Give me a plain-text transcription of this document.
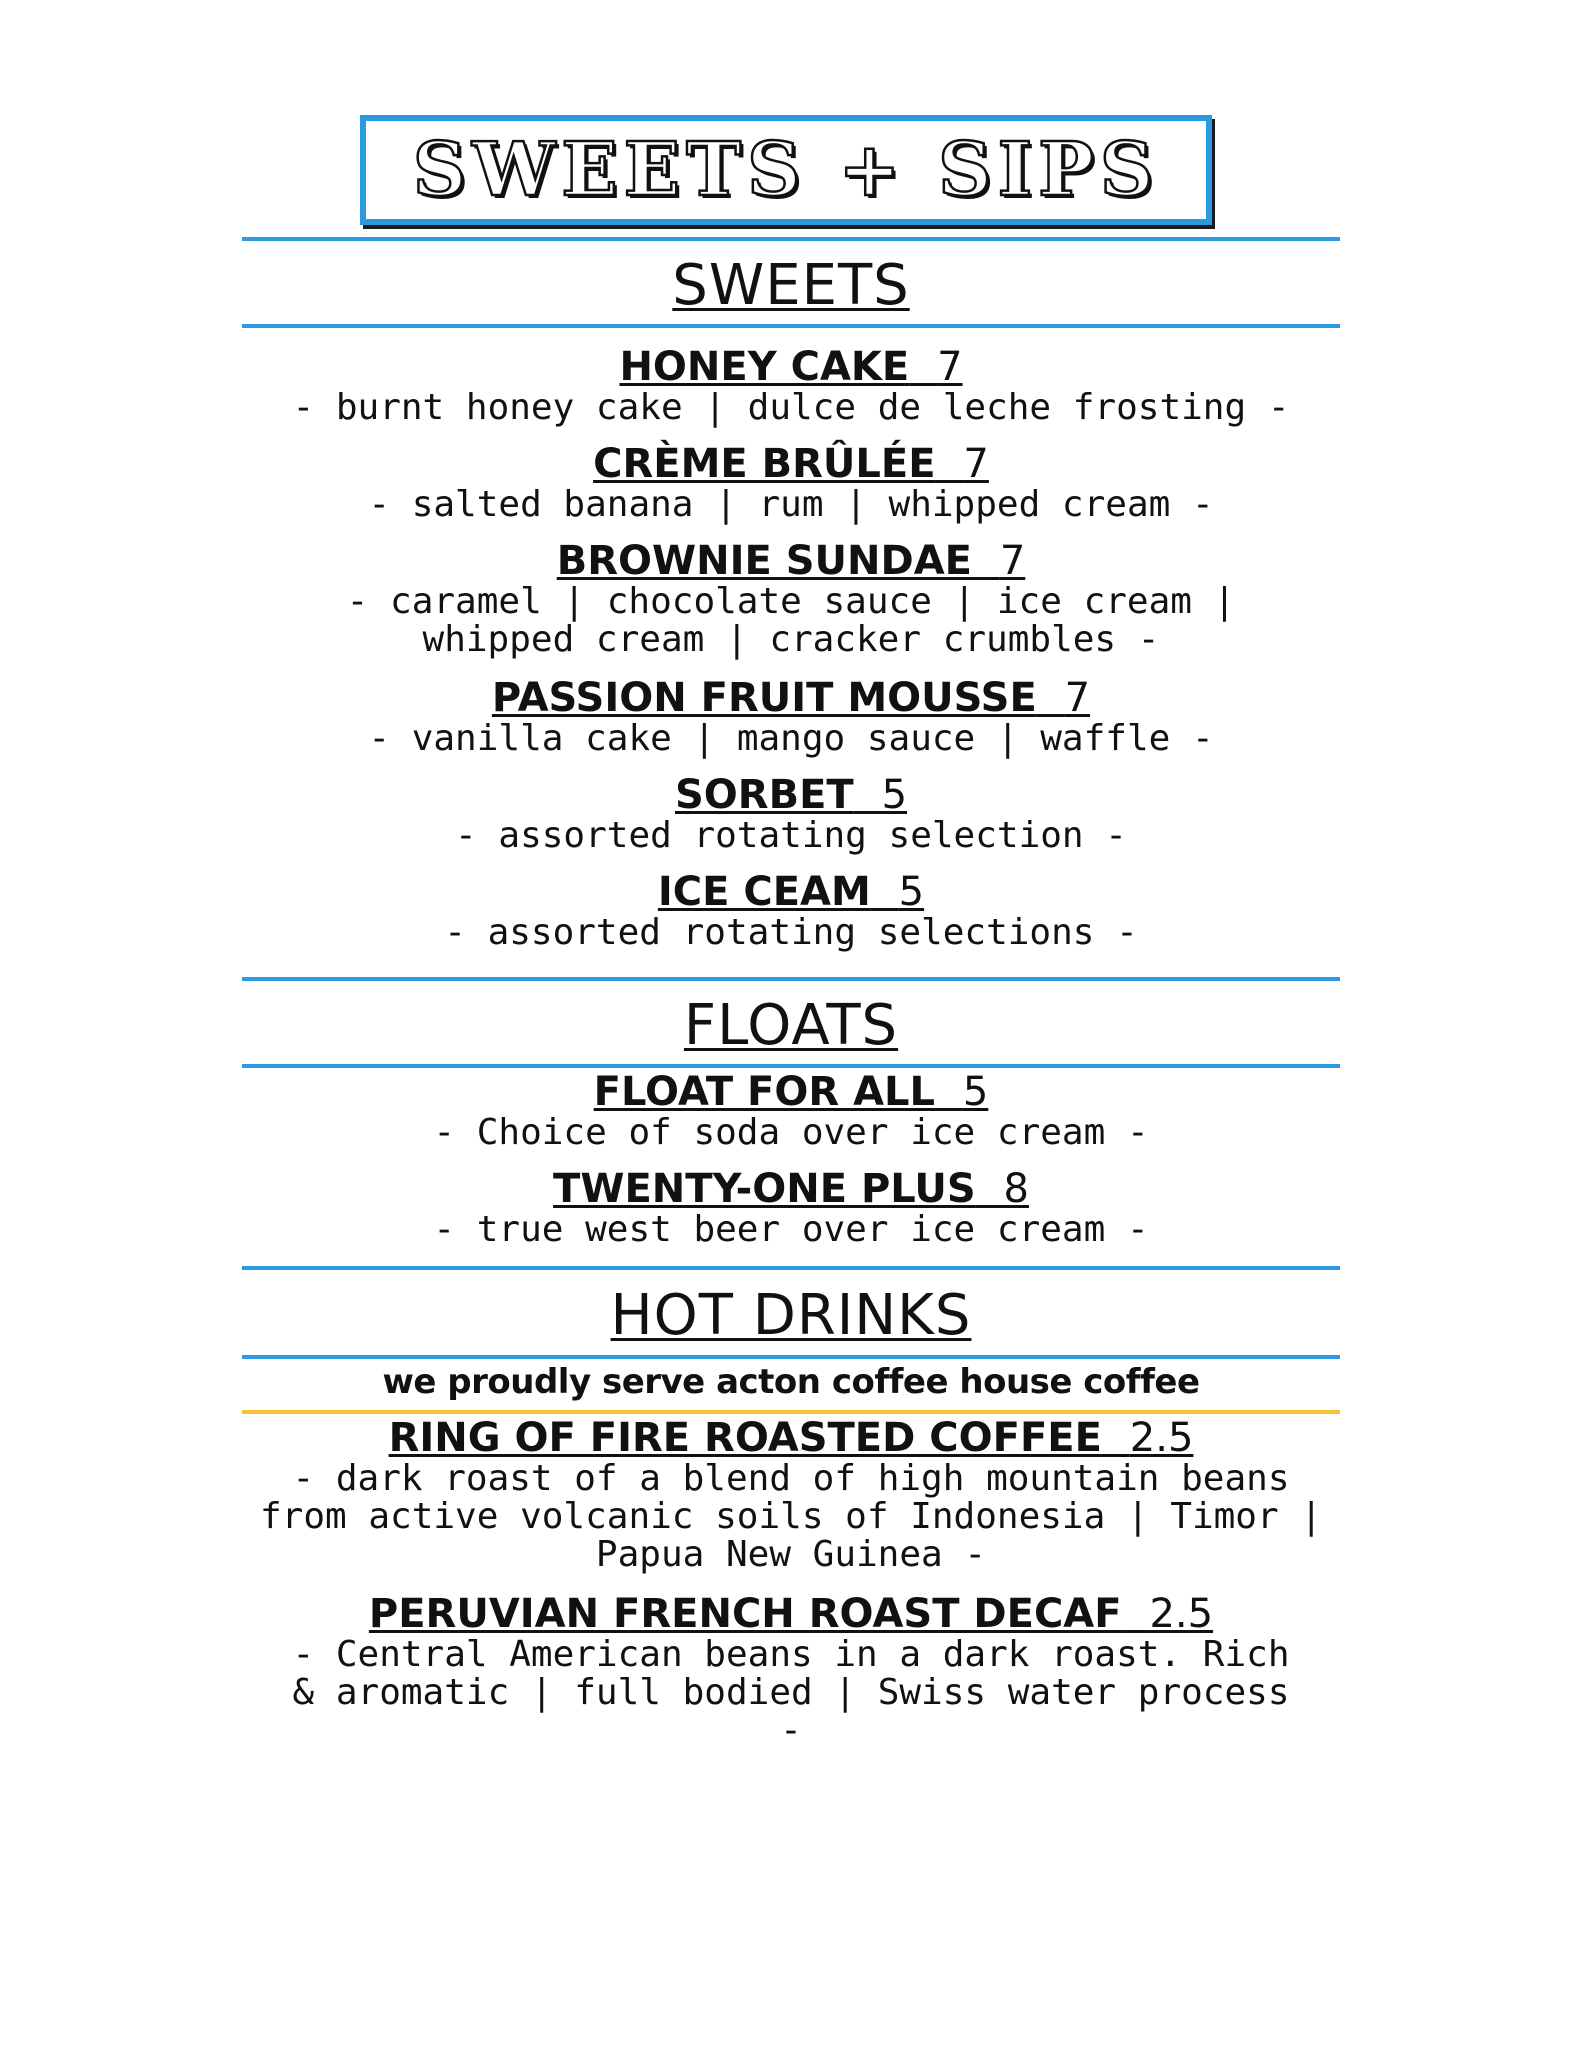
SWEETS + SIPS
SWEETS
HONEY CAKE 7
- burnt honey cake | dulce de leche frosting -
CRÈME BRÛLÉE 7
- salted banana | rum | whipped cream -
BROWNIE SUNDAE 7
- caramel | chocolate sauce | ice cream | whipped cream | cracker crumbles -
PASSION FRUIT MOUSSE 7
- vanilla cake | mango sauce | waffle -
SORBET 5
- assorted rotating selection -
ICE CEAM 5
- assorted rotating selections -
FLOATS
FLOAT FOR ALL 5
- Choice of soda over ice cream -
TWENTY-ONE PLUS 8
- true west beer over ice cream -
HOT DRINKS
we proudly serve acton coffee house coffee
RING OF FIRE ROASTED COFFEE 2.5
- dark roast of a blend of high mountain beans from active volcanic soils of Indonesia | Timor | Papua New Guinea -
PERUVIAN FRENCH ROAST DECAF 2.5
- Central American beans in a dark roast. Rich & aromatic | full bodied | Swiss water process -
